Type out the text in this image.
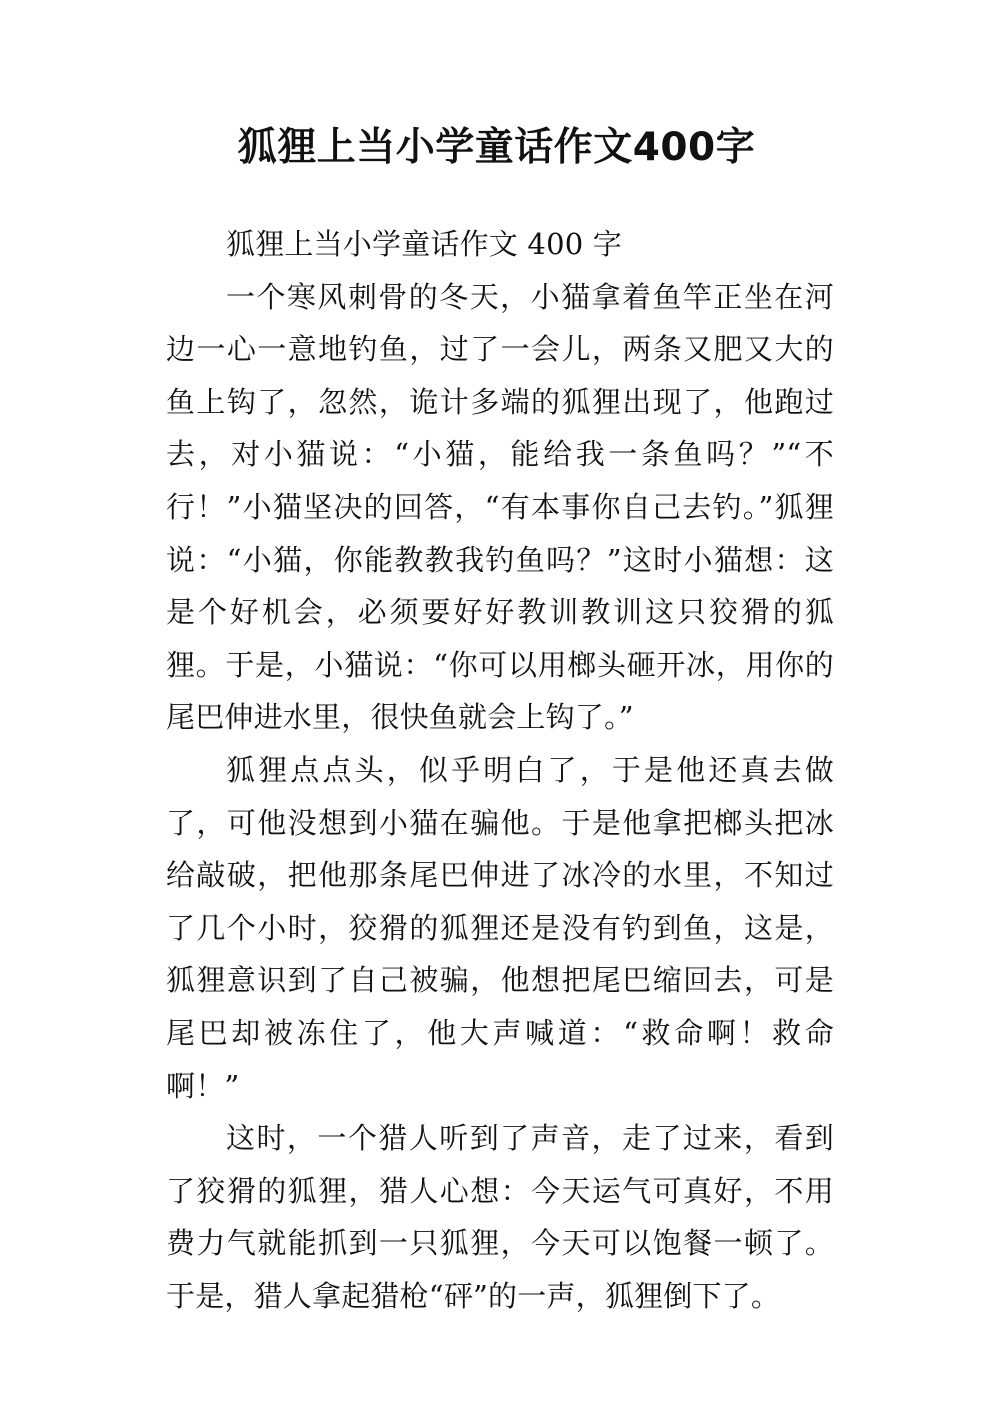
狐狸上当小学童话作文400字

狐狸上当小学童话作文 400 字

一个寒风刺骨的冬天，小猫拿着鱼竿正坐在河边一心一意地钓鱼，过了一会儿，两条又肥又大的鱼上钩了，忽然，诡计多端的狐狸出现了，他跑过去，对小猫说：“小猫，能给我一条鱼吗？”“不行！”小猫坚决的回答，“有本事你自己去钓。”狐狸说：“小猫，你能教教我钓鱼吗？”这时小猫想：这是个好机会，必须要好好教训教训这只狡猾的狐狸。于是，小猫说：“你可以用榔头砸开冰，用你的尾巴伸进水里，很快鱼就会上钩了。”

狐狸点点头，似乎明白了，于是他还真去做了，可他没想到小猫在骗他。于是他拿把榔头把冰给敲破，把他那条尾巴伸进了冰冷的水里，不知过了几个小时，狡猾的狐狸还是没有钓到鱼，这是，狐狸意识到了自己被骗，他想把尾巴缩回去，可是尾巴却被冻住了，他大声喊道：“救命啊！救命啊！”

这时，一个猎人听到了声音，走了过来，看到了狡猾的狐狸，猎人心想：今天运气可真好，不用费力气就能抓到一只狐狸，今天可以饱餐一顿了。于是，猎人拿起猎枪“砰”的一声，狐狸倒下了。
